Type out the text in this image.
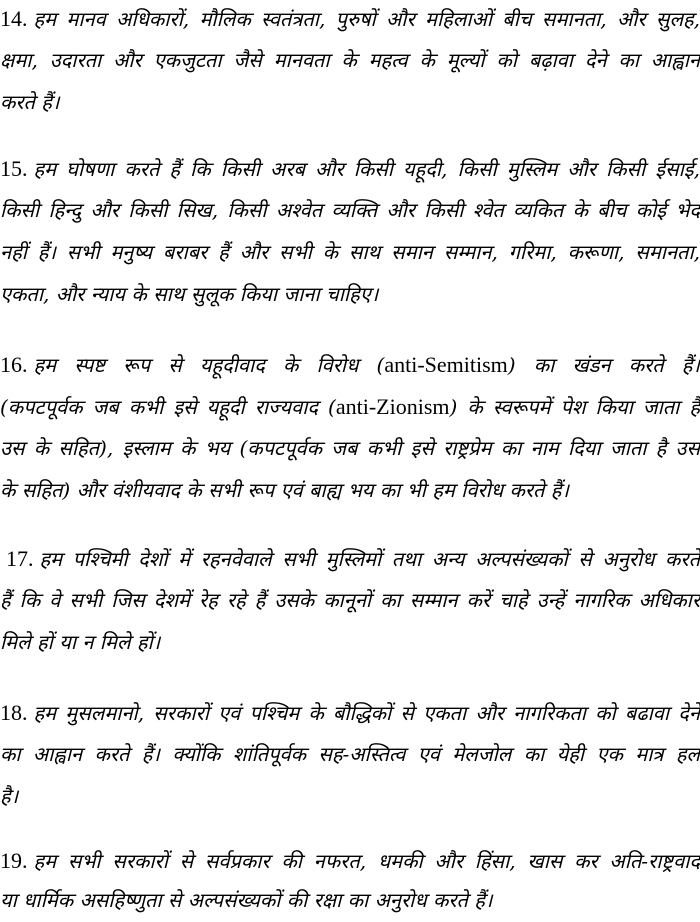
14. हम मानव अधिकारों, मौलिक स्वतंत्रता, पुरुषों और महिलाओं बीच समानता, और सुलह,
क्षमा, उदारता और एकजुटता जैसे मानवता के महत्व के मूल्यों को बढ़ावा देने का आह्वान
करते हैं।
15. हम घोषणा करते हैं कि किसी अरब और किसी यहूदी, किसी मुस्लिम और किसी ईसाई,
किसी हिन्दु और किसी सिख, किसी अश्वेत व्यक्ति और किसी श्वेत व्यकित के बीच कोई भेद
नहीं हैं। सभी मनुष्य बराबर हैं और सभी के साथ समान सम्मान, गरिमा, करूणा, समानता,
एकता, और न्याय के साथ सुलूक किया जाना चाहिए।
16. हम स्पष्ट रूप से यहूदीवाद के विरोध (anti-Semitism) का खंडन करते हैं।
(कपटपूर्वक जब कभी इसे यहूदी राज्यवाद (anti-Zionism) के स्वरूपमें पेश किया जाता है
उस के सहित), इस्लाम के भय (कपटपूर्वक जब कभी इसे राष्ट्रप्रेम का नाम दिया जाता है उस
के सहित) और वंशीयवाद के सभी रूप एवं बाह्य भय का भी हम विरोध करते हैं।
17. हम पश्चिमी देशों में रहनवेवाले सभी मुस्लिमों तथा अन्य अल्पसंख्यकों से अनुरोध करते
हैं कि वे सभी जिस देशमें रेह रहे हैं उसके कानूनों का सम्मान करें चाहे उन्हें नागरिक अधिकार
मिले हों या न मिले हों।
18. हम मुसलमानो, सरकारों एवं पश्चिम के बौद्धिकों से एकता और नागरिकता को बढावा देने
का आह्वान करते हैं। क्योंकि शांतिपूर्वक सह-अस्तित्व एवं मेलजोल का येही एक मात्र हल
है।
19. हम सभी सरकारों से सर्वप्रकार की नफरत, धमकी और हिंसा, खास कर अति-राष्ट्रवाद
या धार्मिक असहिष्णुता से अल्पसंख्यकों की रक्षा का अनुरोध करते हैं।
